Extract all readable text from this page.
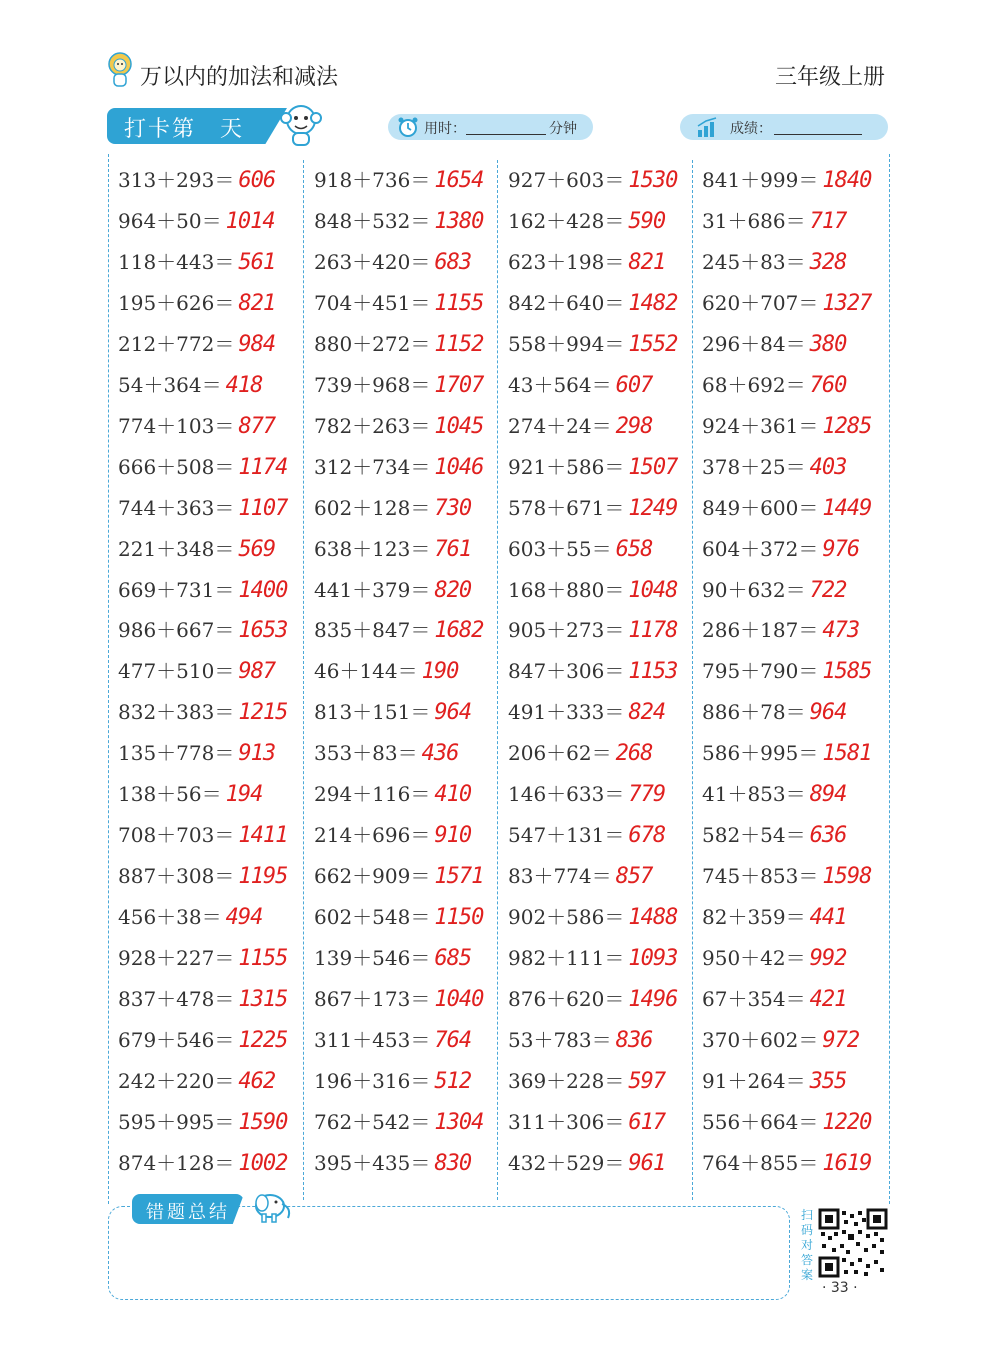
万以内的加法和减法	三年级上册
打卡第　天	用时：	分钟	成绩：
313＋293＝ 606
964＋50＝ 1014
118＋443＝ 561
195＋626＝ 821
212＋772＝ 984
54＋364＝ 418
774＋103＝ 877
666＋508＝ 1174
744＋363＝ 1107
221＋348＝ 569
669＋731＝ 1400
986＋667＝ 1653
477＋510＝ 987
832＋383＝ 1215
135＋778＝ 913
138＋56＝ 194
708＋703＝ 1411
887＋308＝ 1195
456＋38＝ 494
928＋227＝ 1155
837＋478＝ 1315
679＋546＝ 1225
242＋220＝ 462
595＋995＝ 1590
874＋128＝ 1002
918＋736＝ 1654
848＋532＝ 1380
263＋420＝ 683
704＋451＝ 1155
880＋272＝ 1152
739＋968＝ 1707
782＋263＝ 1045
312＋734＝ 1046
602＋128＝ 730
638＋123＝ 761
441＋379＝ 820
835＋847＝ 1682
46＋144＝ 190
813＋151＝ 964
353＋83＝ 436
294＋116＝ 410
214＋696＝ 910
662＋909＝ 1571
602＋548＝ 1150
139＋546＝ 685
867＋173＝ 1040
311＋453＝ 764
196＋316＝ 512
762＋542＝ 1304
395＋435＝ 830
927＋603＝ 1530
162＋428＝ 590
623＋198＝ 821
842＋640＝ 1482
558＋994＝ 1552
43＋564＝ 607
274＋24＝ 298
921＋586＝ 1507
578＋671＝ 1249
603＋55＝ 658
168＋880＝ 1048
905＋273＝ 1178
847＋306＝ 1153
491＋333＝ 824
206＋62＝ 268
146＋633＝ 779
547＋131＝ 678
83＋774＝ 857
902＋586＝ 1488
982＋111＝ 1093
876＋620＝ 1496
53＋783＝ 836
369＋228＝ 597
311＋306＝ 617
432＋529＝ 961
841＋999＝ 1840
31＋686＝ 717
245＋83＝ 328
620＋707＝ 1327
296＋84＝ 380
68＋692＝ 760
924＋361＝ 1285
378＋25＝ 403
849＋600＝ 1449
604＋372＝ 976
90＋632＝ 722
286＋187＝ 473
795＋790＝ 1585
886＋78＝ 964
586＋995＝ 1581
41＋853＝ 894
582＋54＝ 636
745＋853＝ 1598
82＋359＝ 441
950＋42＝ 992
67＋354＝ 421
370＋602＝ 972
91＋264＝ 355
556＋664＝ 1220
764＋855＝ 1619
错题总结	扫码对答案
· 33 ·
